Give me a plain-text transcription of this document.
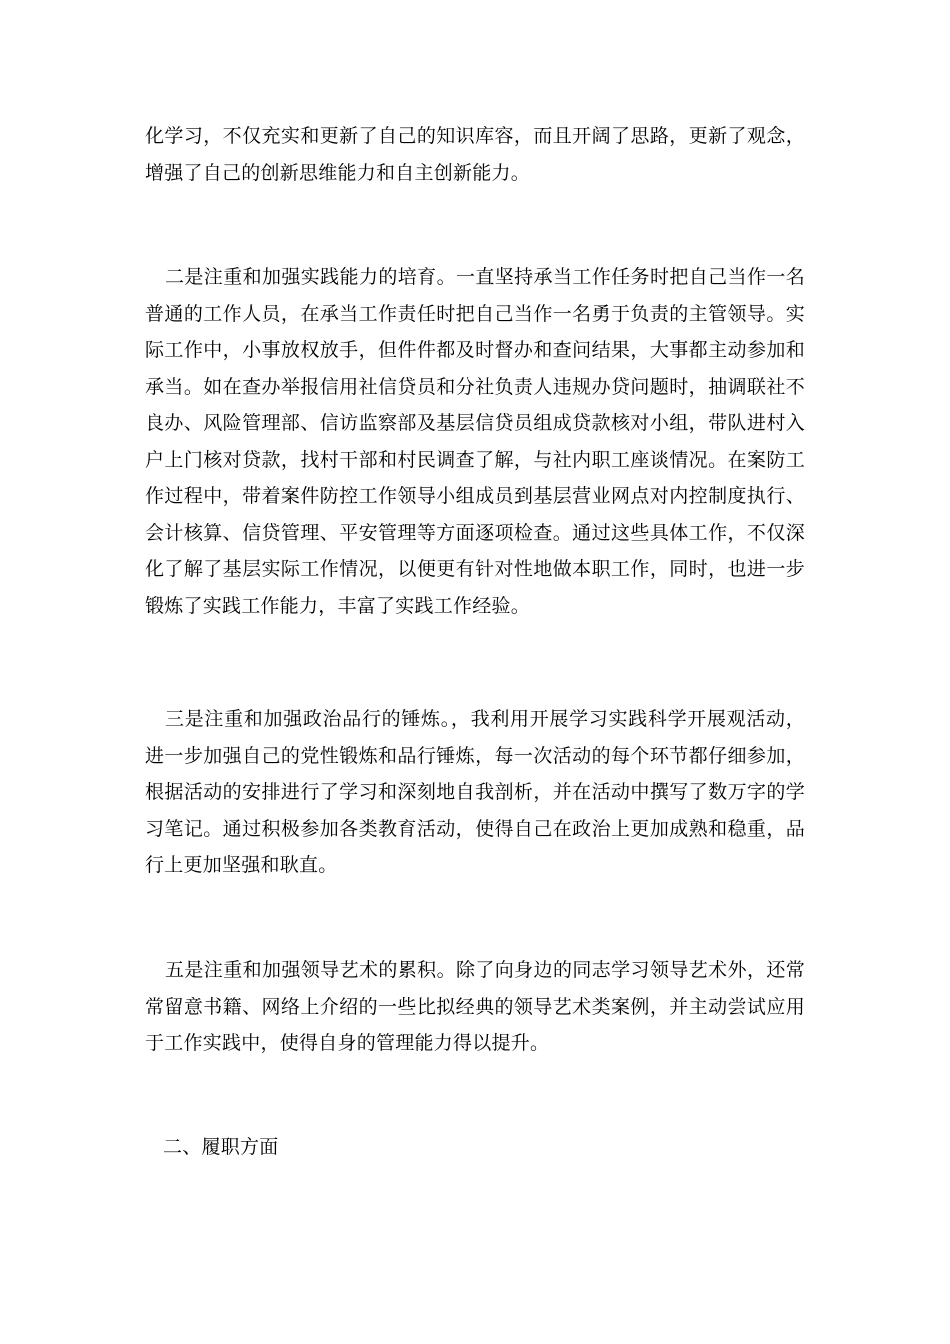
化学习，不仅充实和更新了自己的知识库容，而且开阔了思路，更新了观念，增强了自己的创新思维能力和自主创新能力。

二是注重和加强实践能力的培育。一直坚持承当工作任务时把自己当作一名普通的工作人员，在承当工作责任时把自己当作一名勇于负责的主管领导。实际工作中，小事放权放手，但件件都及时督办和查问结果，大事都主动参加和承当。如在查办举报信用社信贷员和分社负责人违规办贷问题时，抽调联社不良办、风险管理部、信访监察部及基层信贷员组成贷款核对小组，带队进村入户上门核对贷款，找村干部和村民调查了解，与社内职工座谈情况。在案防工作过程中，带着案件防控工作领导小组成员到基层营业网点对内控制度执行、会计核算、信贷管理、平安管理等方面逐项检查。通过这些具体工作，不仅深化了解了基层实际工作情况，以便更有针对性地做本职工作，同时，也进一步锻炼了实践工作能力，丰富了实践工作经验。

三是注重和加强政治品行的锤炼。，我利用开展学习实践科学开展观活动，进一步加强自己的党性锻炼和品行锤炼，每一次活动的每个环节都仔细参加，根据活动的安排进行了学习和深刻地自我剖析，并在活动中撰写了数万字的学习笔记。通过积极参加各类教育活动，使得自己在政治上更加成熟和稳重，品行上更加坚强和耿直。

五是注重和加强领导艺术的累积。除了向身边的同志学习领导艺术外，还常常留意书籍、网络上介绍的一些比拟经典的领导艺术类案例，并主动尝试应用于工作实践中，使得自身的管理能力得以提升。

二、履职方面
